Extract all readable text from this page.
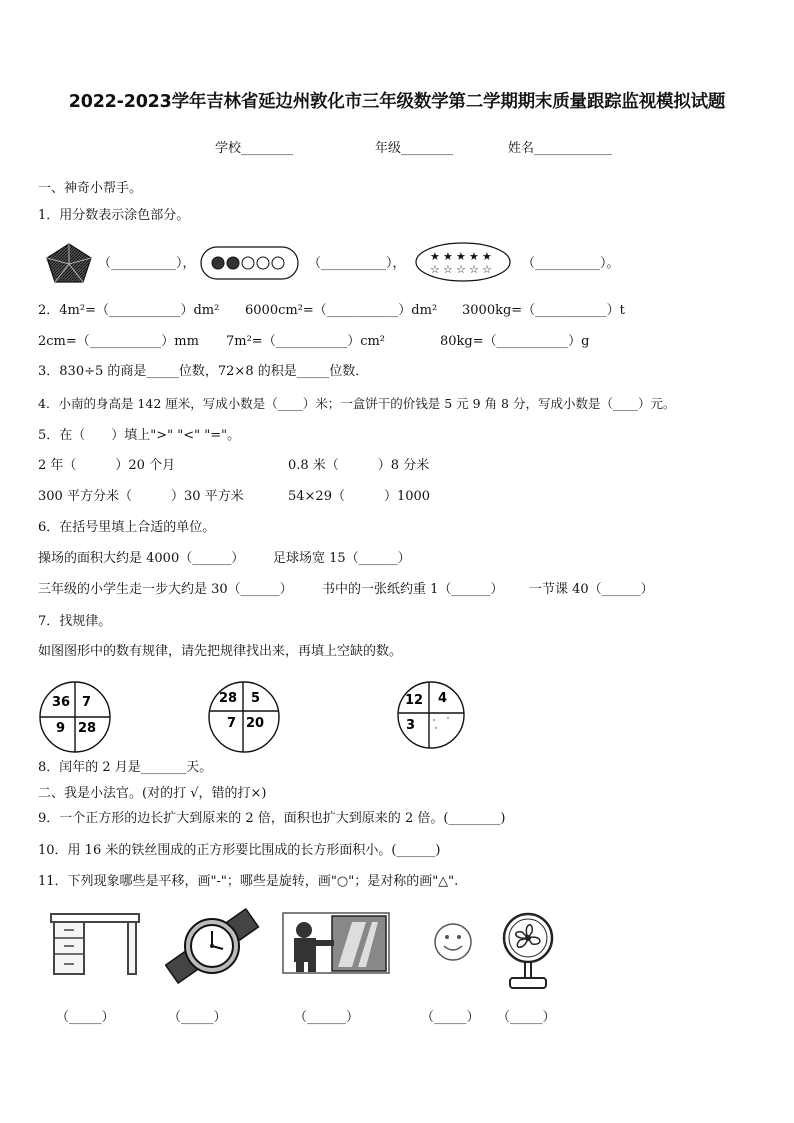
2022-2023学年吉林省延边州敦化市三年级数学第二学期期末质量跟踪监视模拟试题
学校________	年级________	姓名____________
一、神奇小帮手。
1．用分数表示涂色部分。
（__________），	（__________）， ★ ★ ★ ★ ★
☆ ☆ ☆ ☆ ☆ （__________）。
2．4m²=（___________）dm² 6000cm²=（___________）dm² 3000kg=（___________）t
2cm=（___________）mm 7m²=（___________）cm²	80kg=（___________）g
3．830÷5 的商是_____位数，72×8 的积是_____位数．
4．小南的身高是 142 厘米，写成小数是（____）米；一盒饼干的价钱是 5 元 9 角 8 分，写成小数是（____）元。
5．在（　　）填上">" "<" "="。
2 年（　　　）20 个月	0.8 米（　　　）8 分米
300 平方分米（　　　）30 平方米	54×29（　　　）1000
6．在括号里填上合适的单位。
操场的面积大约是 4000（______） 足球场宽 15（______）
三年级的小学生走一步大约是 30（______） 书中的一张纸约重 1（______） 一节课 40（______）
7．找规律。
如图图形中的数有规律，请先把规律找出来，再填上空缺的数。
36 7
9 28
28 5
7 20
12 4
3
8．闰年的 2 月是_______天。
二、我是小法官。(对的打 √，错的打×)
9．一个正方形的边长扩大到原来的 2 倍，面积也扩大到原来的 2 倍。(________)
10．用 16 米的铁丝围成的正方形要比围成的长方形面积小。(______)
11．下列现象哪些是平移，画"-"；哪些是旋转，画"○"；是对称的画"△".
（_____）	（_____）	（______）	（_____） （_____）
